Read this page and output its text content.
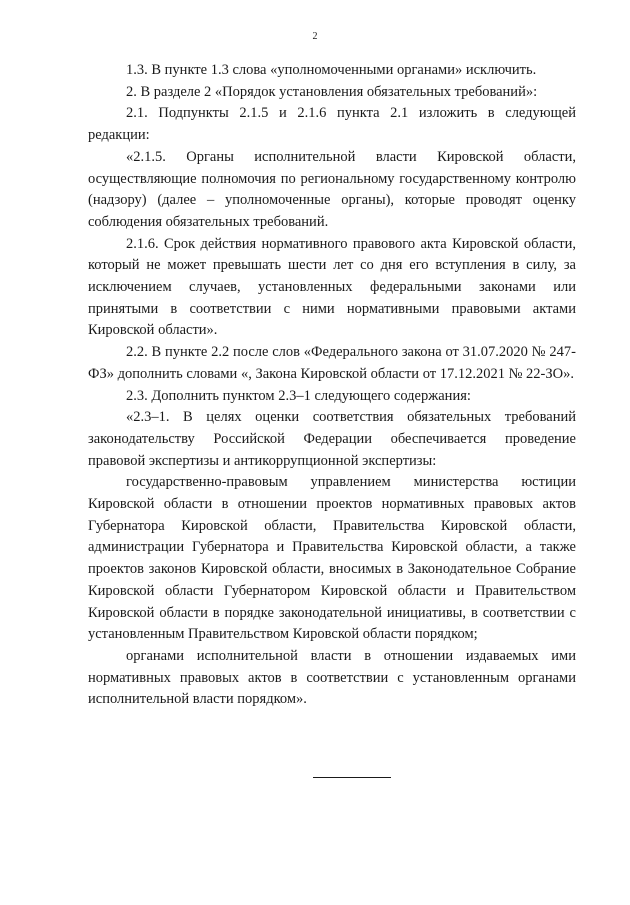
2

1.3. В пункте 1.3 слова «уполномоченными органами» исключить.

2. В разделе 2 «Порядок установления обязательных требований»:

2.1. Подпункты 2.1.5 и 2.1.6 пункта 2.1 изложить в следующей редакции:

«2.1.5. Органы исполнительной власти Кировской области, осуществляющие полномочия по региональному государственному контролю (надзору) (далее – уполномоченные органы), которые проводят оценку соблюдения обязательных требований.

2.1.6. Срок действия нормативного правового акта Кировской области, который не может превышать шести лет со дня его вступления в силу, за исключением случаев, установленных федеральными законами или принятыми в соответствии с ними нормативными правовыми актами Кировской области».

2.2. В пункте 2.2 после слов «Федерального закона от 31.07.2020 № 247-ФЗ» дополнить словами «, Закона Кировской области от 17.12.2021 № 22-ЗО».

2.3. Дополнить пунктом 2.3–1 следующего содержания:

«2.3–1. В целях оценки соответствия обязательных требований законодательству Российской Федерации обеспечивается проведение правовой экспертизы и антикоррупционной экспертизы:

государственно-правовым управлением министерства юстиции Кировской области в отношении проектов нормативных правовых актов Губернатора Кировской области, Правительства Кировской области, администрации Губернатора и Правительства Кировской области, а также проектов законов Кировской области, вносимых в Законодательное Собрание Кировской области Губернатором Кировской области и Правительством Кировской области в порядке законодательной инициативы, в соответствии с установленным Правительством Кировской области порядком;

органами исполнительной власти в отношении издаваемых ими нормативных правовых актов в соответствии с установленным органами исполнительной власти порядком».
